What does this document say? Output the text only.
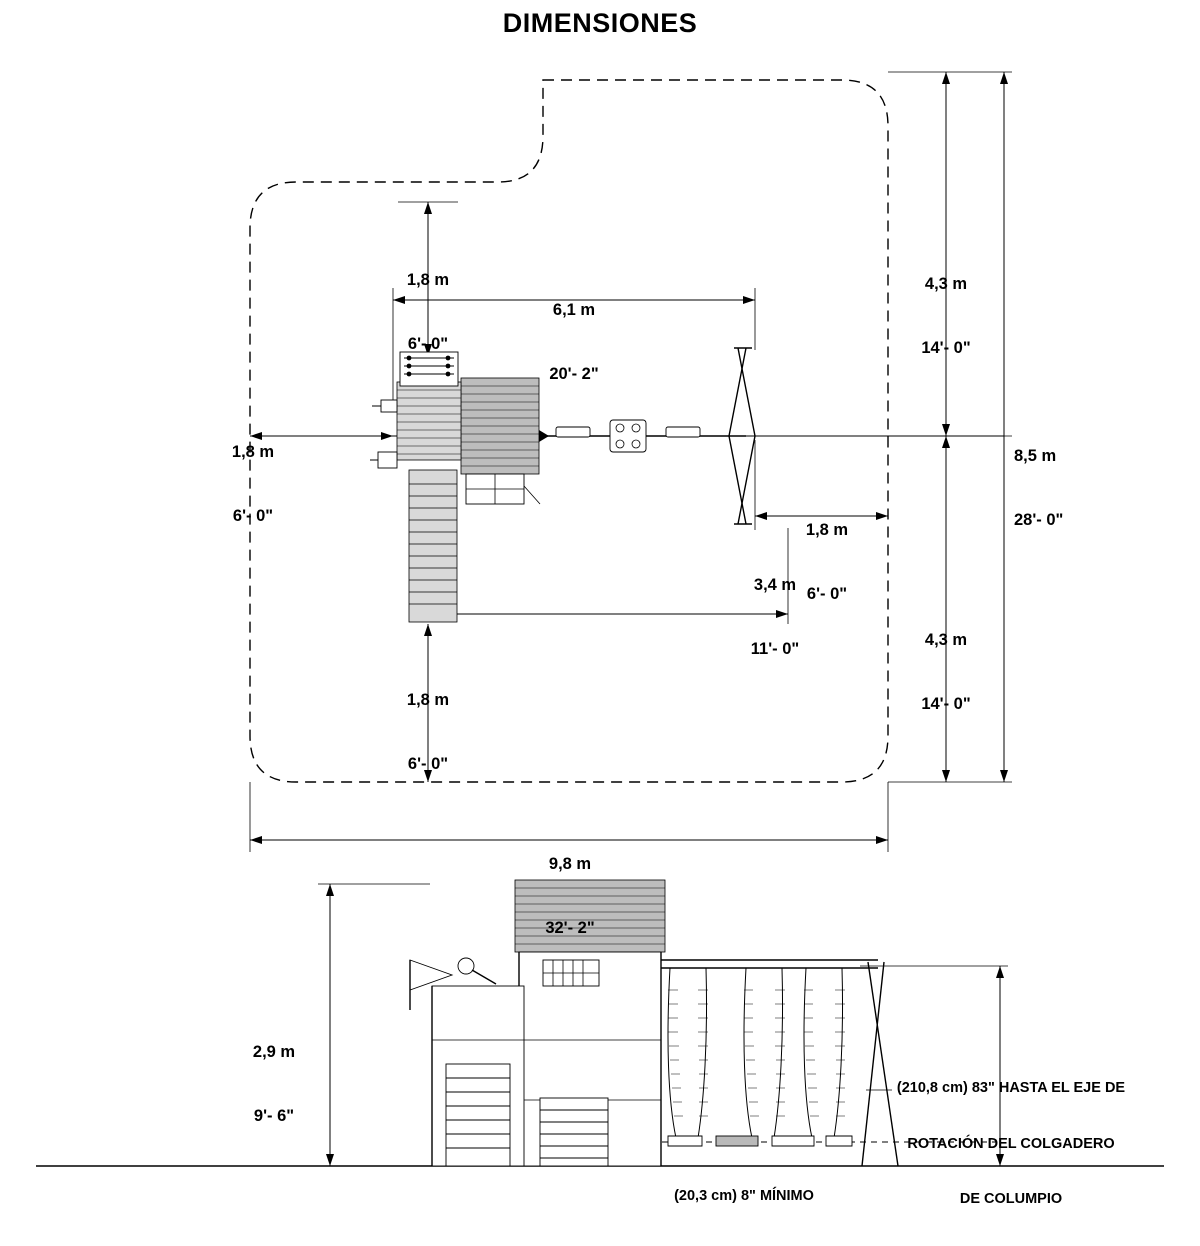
DIMENSIONES

1,8 m

6'- 0"

6,1 m

20'- 2"

4,3 m

14'- 0"

1,8 m

6'- 0"

8,5 m

28'- 0"

1,8 m

6'- 0"

3,4 m

11'- 0"

	4,3 m

14'- 0"

1,8 m

6'- 0"

9,8 m

32'- 2"

2,9 m

9'- 6"

(210,8 cm) 83" HASTA EL EJE DE

ROTACIÓN DEL COLGADERO

DE COLUMPIO

(20,3 cm) 8" MÍNIMO
